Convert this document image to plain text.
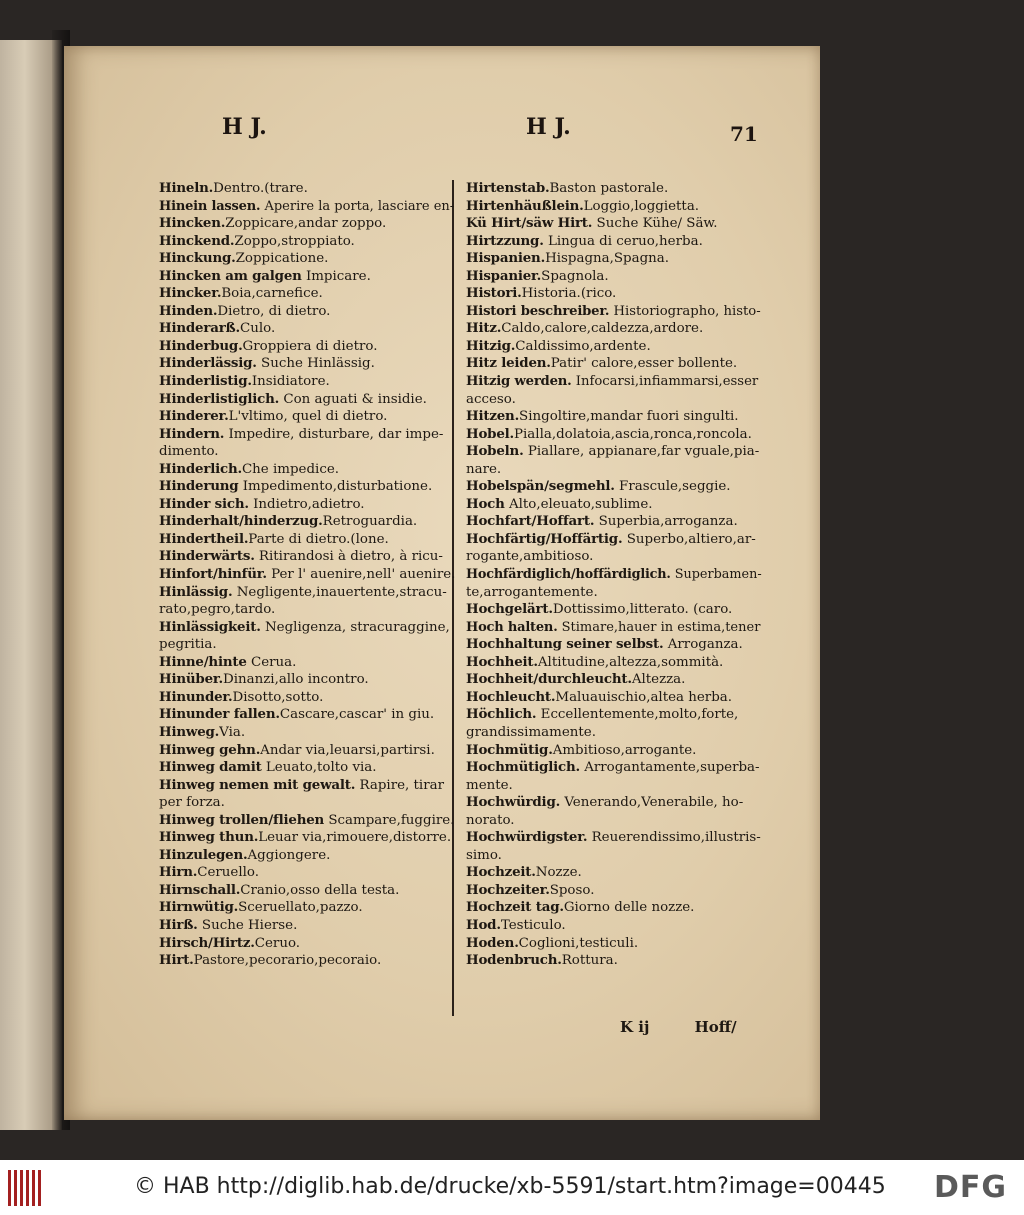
H J.	H J.	71
Hineln.Dentro.(trare.
Hinein lassen. Aperire la porta, lasciare en-
Hincken.Zoppicare,andar zoppo.
Hinckend.Zoppo,stroppiato.
Hinckung.Zoppicatione.
Hincken am galgen Impicare.
Hincker.Boia,carnefice.
Hinden.Dietro, di dietro.
Hinderarß.Culo.
Hinderbug.Groppiera di dietro.
Hinderlässig. Suche Hinlässig.
Hinderlistig.Insidiatore.
Hinderlistiglich. Con aguati & insidie.
Hinderer.L'vltimo, quel di dietro.
Hindern. Impedire, disturbare, dar impe-
dimento.
Hinderlich.Che impedice.
Hinderung Impedimento,disturbatione.
Hinder sich. Indietro,adietro.
Hinderhalt/hinderzug.Retroguardia.
Hindertheil.Parte di dietro.(lone.
Hinderwärts. Ritirandosi à dietro, à ricu-
Hinfort/hinfür. Per l' auenire,nell' auenire.
Hinlässig. Negligente,inauertente,stracu-
rato,pegro,tardo.
Hinlässigkeit. Negligenza, stracuraggine,
pegritia.
Hinne/hinte Cerua.
Hinüber.Dinanzi,allo incontro.
Hinunder.Disotto,sotto.
Hinunder fallen.Cascare,cascar' in giu.
Hinweg.Via.
Hinweg gehn.Andar via,leuarsi,partirsi.
Hinweg damit Leuato,tolto via.
Hinweg nemen mit gewalt. Rapire, tirar
per forza.
Hinweg trollen/fliehen Scampare,fuggire.
Hinweg thun.Leuar via,rimouere,distorre.
Hinzulegen.Aggiongere.
Hirn.Ceruello.
Hirnschall.Cranio,osso della testa.
Hirnwütig.Sceruellato,pazzo.
Hirß. Suche Hierse.
Hirsch/Hirtz.Ceruo.
Hirt.Pastore,pecorario,pecoraio.
Hirtenstab.Baston pastorale.
Hirtenhäußlein.Loggio,loggietta.
Kü Hirt/säw Hirt. Suche Kühe/ Säw.
Hirtzzung. Lingua di ceruo,herba.
Hispanien.Hispagna,Spagna.
Hispanier.Spagnola.
Histori.Historia.(rico.
Histori beschreiber. Historiographo, histo-
Hitz.Caldo,calore,caldezza,ardore.
Hitzig.Caldissimo,ardente.
Hitz leiden.Patir' calore,esser bollente.
Hitzig werden. Infocarsi,infiammarsi,esser
acceso.
Hitzen.Singoltire,mandar fuori singulti.
Hobel.Pialla,dolatoia,ascia,ronca,roncola.
Hobeln. Piallare, appianare,far vguale,pia-
nare.
Hobelspän/segmehl. Frascule,seggie.
Hoch Alto,eleuato,sublime.
Hochfart/Hoffart. Superbia,arroganza.
Hochfärtig/Hoffärtig. Superbo,altiero,ar-
rogante,ambitioso.
Hochfärdiglich/hoffärdiglich. Superbamen-
te,arrogantemente.
Hochgelärt.Dottissimo,litterato. (caro.
Hoch halten. Stimare,hauer in estima,tener
Hochhaltung seiner selbst. Arroganza.
Hochheit.Altitudine,altezza,sommità.
Hochheit/durchleucht.Altezza.
Hochleucht.Maluauischio,altea herba.
Höchlich. Eccellentemente,molto,forte,
grandissimamente.
Hochmütig.Ambitioso,arrogante.
Hochmütiglich. Arrogantamente,superba-
mente.
Hochwürdig. Venerando,Venerabile, ho-
norato.
Hochwürdigster. Reuerendissimo,illustris-
simo.
Hochzeit.Nozze.
Hochzeiter.Sposo.
Hochzeit tag.Giorno delle nozze.
Hod.Testiculo.
Hoden.Coglioni,testiculi.
Hodenbruch.Rottura.
K ij	Hoff/
© HAB http://diglib.hab.de/drucke/xb-5591/start.htm?image=00445 DFG
